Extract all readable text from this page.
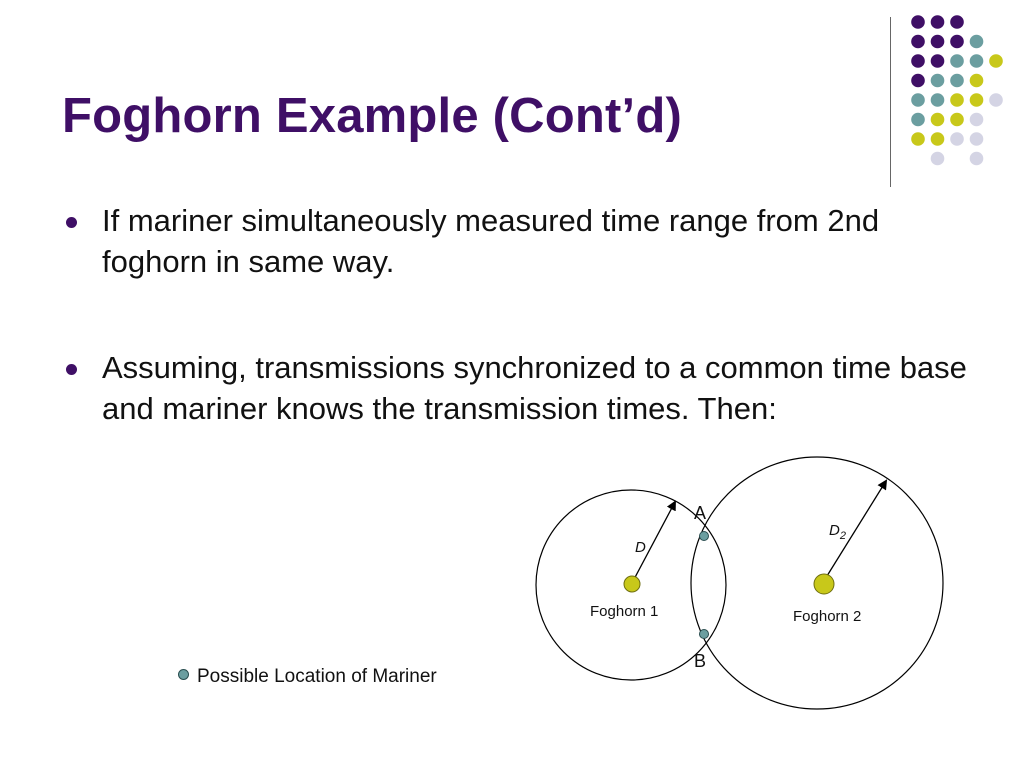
Foghorn Example (Cont’d)
If mariner simultaneously measured time range from 2nd foghorn in same way.
Assuming, transmissions synchronized to a common time base and mariner knows the transmission times. Then:
A
B
D
$D_2$
Foghorn 1	Foghorn 2
Possible Location of Mariner
